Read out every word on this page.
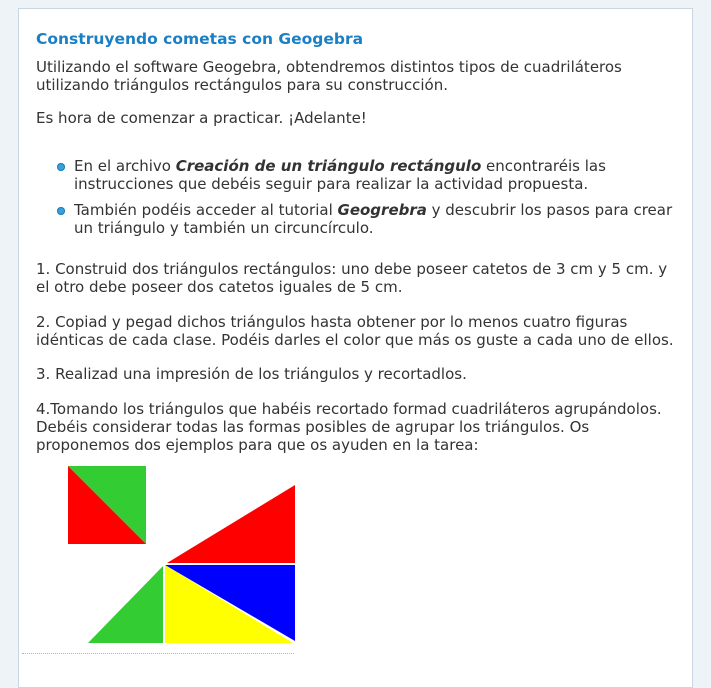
Construyendo cometas con Geogebra

Utilizando el software Geogebra, obtendremos distintos tipos de cuadriláteros utilizando triángulos rectángulos para su construcción.

Es hora de comenzar a practicar. ¡Adelante!

En el archivo Creación de un triángulo rectángulo encontraréis las instrucciones que debéis seguir para realizar la actividad propuesta.
También podéis acceder al tutorial Geogrebra y descubrir los pasos para crear un triángulo y también un circuncírculo.

1. Construid dos triángulos rectángulos: uno debe poseer catetos de 3 cm y 5 cm. y el otro debe poseer dos catetos iguales de 5 cm.

2. Copiad y pegad dichos triángulos hasta obtener por lo menos cuatro figuras idénticas de cada clase. Podéis darles el color que más os guste a cada uno de ellos.

3. Realizad una impresión de los triángulos y recortadlos.

4.Tomando los triángulos que habéis recortado formad cuadriláteros agrupándolos. Debéis considerar todas las formas posibles de agrupar los triángulos. Os proponemos dos ejemplos para que os ayuden en la tarea:
